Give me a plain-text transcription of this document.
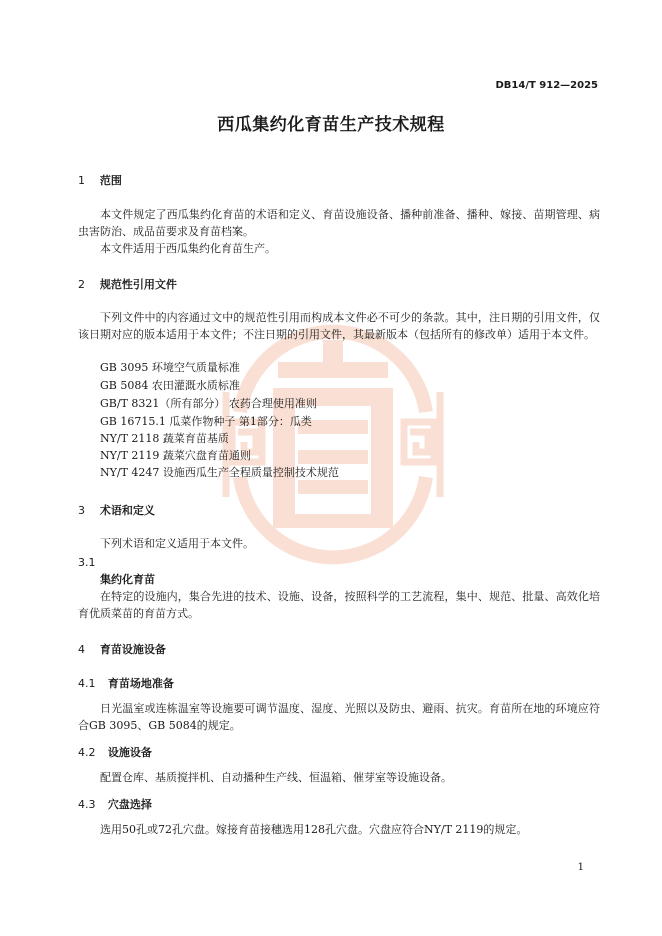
DB14/T 912—2025
西瓜集约化育苗生产技术规程
1 范围
本文件规定了西瓜集约化育苗的术语和定义、育苗设施设备、播种前准备、播种、嫁接、苗期管理、病虫害防治、成品苗要求及育苗档案。
本文件适用于西瓜集约化育苗生产。
2 规范性引用文件
下列文件中的内容通过文中的规范性引用而构成本文件必不可少的条款。其中，注日期的引用文件，仅该日期对应的版本适用于本文件；不注日期的引用文件，其最新版本（包括所有的修改单）适用于本文件。
GB 3095 环境空气质量标准
GB 5084 农田灌溉水质标准
GB/T 8321（所有部分） 农药合理使用准则
GB 16715.1 瓜菜作物种子 第1部分：瓜类
NY/T 2118 蔬菜育苗基质
NY/T 2119 蔬菜穴盘育苗通则
NY/T 4247 设施西瓜生产全程质量控制技术规范
3 术语和定义
下列术语和定义适用于本文件。
3.1
集约化育苗
在特定的设施内，集合先进的技术、设施、设备，按照科学的工艺流程，集中、规范、批量、高效化培育优质菜苗的育苗方式。
4 育苗设施设备
4.1 育苗场地准备
日光温室或连栋温室等设施要可调节温度、湿度、光照以及防虫、避雨、抗灾。育苗所在地的环境应符合GB 3095、GB 5084的规定。
4.2 设施设备
配置仓库、基质搅拌机、自动播种生产线、恒温箱、催芽室等设施设备。
4.3 穴盘选择
选用50孔或72孔穴盘。嫁接育苗接穗选用128孔穴盘。穴盘应符合NY/T 2119的规定。
1
